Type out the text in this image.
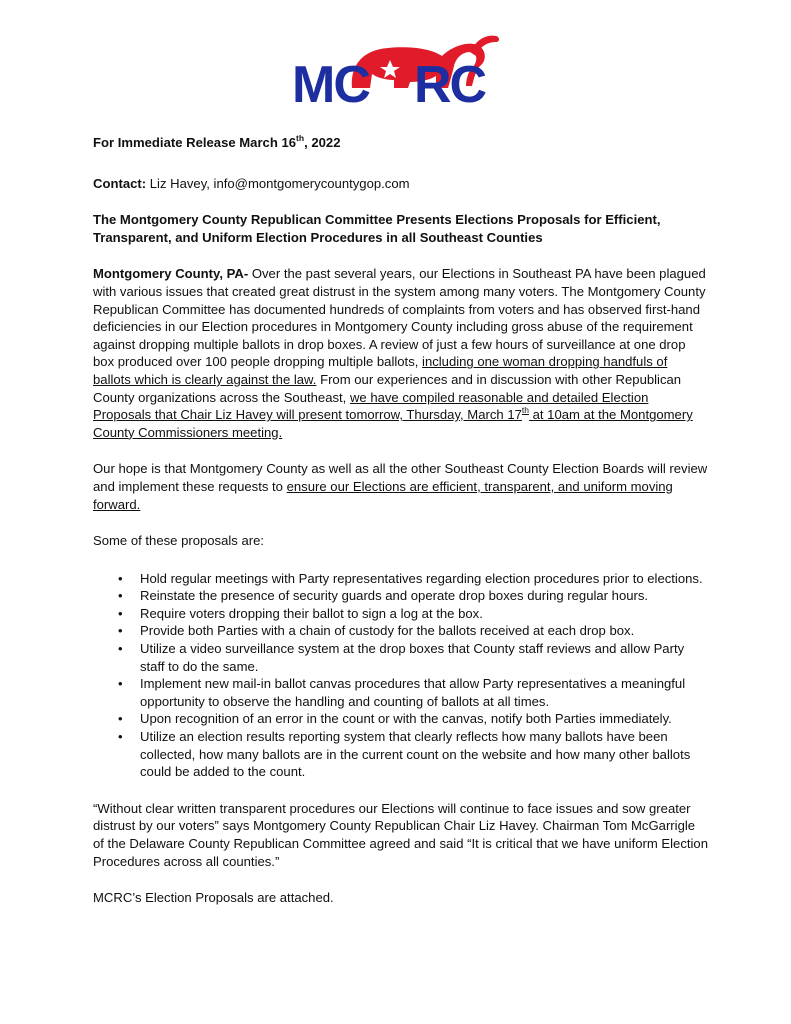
MC RC

For Immediate Release March 16th, 2022

Contact: Liz Havey, info@montgomerycountygop.com

The Montgomery County Republican Committee Presents Elections Proposals for Efficient, Transparent, and Uniform Election Procedures in all Southeast Counties

Montgomery County, PA- Over the past several years, our Elections in Southeast PA have been plagued with various issues that created great distrust in the system among many voters. The Montgomery County Republican Committee has documented hundreds of complaints from voters and has observed first-hand deficiencies in our Election procedures in Montgomery County including gross abuse of the requirement against dropping multiple ballots in drop boxes. A review of just a few hours of surveillance at one drop box produced over 100 people dropping multiple ballots, including one woman dropping handfuls of ballots which is clearly against the law. From our experiences and in discussion with other Republican County organizations across the Southeast, we have compiled reasonable and detailed Election Proposals that Chair Liz Havey will present tomorrow, Thursday, March 17th at 10am at the Montgomery County Commissioners meeting.

Our hope is that Montgomery County as well as all the other Southeast County Election Boards will review and implement these requests to ensure our Elections are efficient, transparent, and uniform moving forward.

Some of these proposals are:

• Hold regular meetings with Party representatives regarding election procedures prior to elections.
• Reinstate the presence of security guards and operate drop boxes during regular hours.
• Require voters dropping their ballot to sign a log at the box.
• Provide both Parties with a chain of custody for the ballots received at each drop box.
• Utilize a video surveillance system at the drop boxes that County staff reviews and allow Party staff to do the same.
• Implement new mail-in ballot canvas procedures that allow Party representatives a meaningful opportunity to observe the handling and counting of ballots at all times.
• Upon recognition of an error in the count or with the canvas, notify both Parties immediately.
• Utilize an election results reporting system that clearly reflects how many ballots have been collected, how many ballots are in the current count on the website and how many other ballots could be added to the count.

“Without clear written transparent procedures our Elections will continue to face issues and sow greater distrust by our voters” says Montgomery County Republican Chair Liz Havey. Chairman Tom McGarrigle of the Delaware County Republican Committee agreed and said “It is critical that we have uniform Election Procedures across all counties.”

MCRC’s Election Proposals are attached.
